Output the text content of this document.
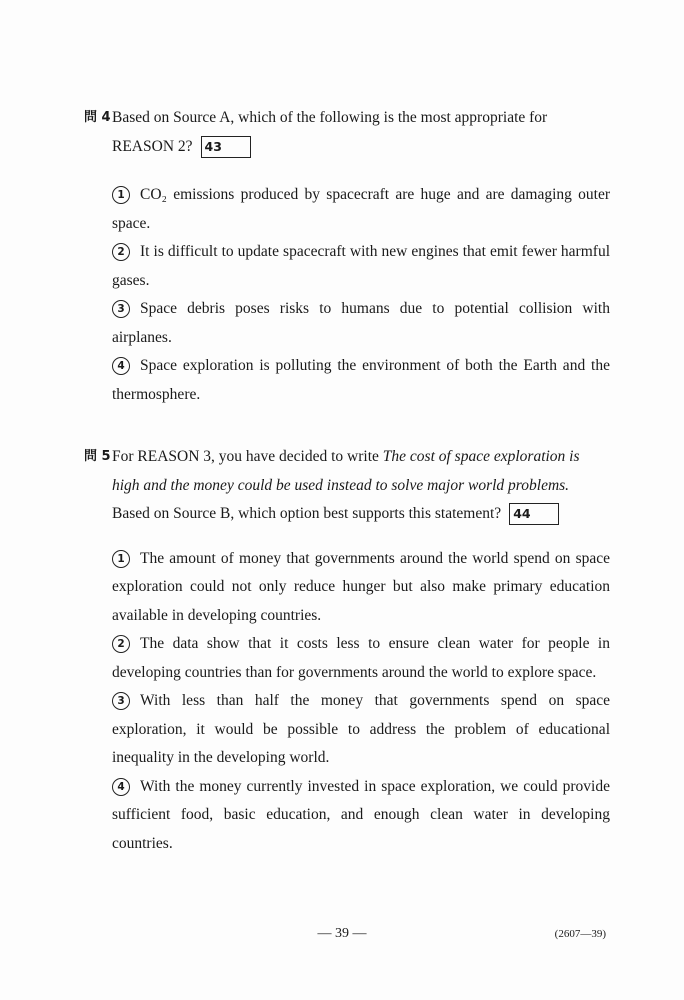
問 4 Based on Source A, which of the following is the most appropriate for
REASON 2? 43
1 CO₂ emissions produced by spacecraft are huge and are damaging outer space.
2 It is difficult to update spacecraft with new engines that emit fewer harmful gases.
3 Space debris poses risks to humans due to potential collision with airplanes.
4 Space exploration is polluting the environment of both the Earth and the thermosphere.
問 5 For REASON 3, you have decided to write The cost of space exploration is
high and the money could be used instead to solve major world problems.
Based on Source B, which option best supports this statement? 44
1 The amount of money that governments around the world spend on space exploration could not only reduce hunger but also make primary education available in developing countries.
2 The data show that it costs less to ensure clean water for people in developing countries than for governments around the world to explore space.
3 With less than half the money that governments spend on space exploration, it would be possible to address the problem of educational inequality in the developing world.
4 With the money currently invested in space exploration, we could provide sufficient food, basic education, and enough clean water in developing countries.
— 39 —	(2607—39)
